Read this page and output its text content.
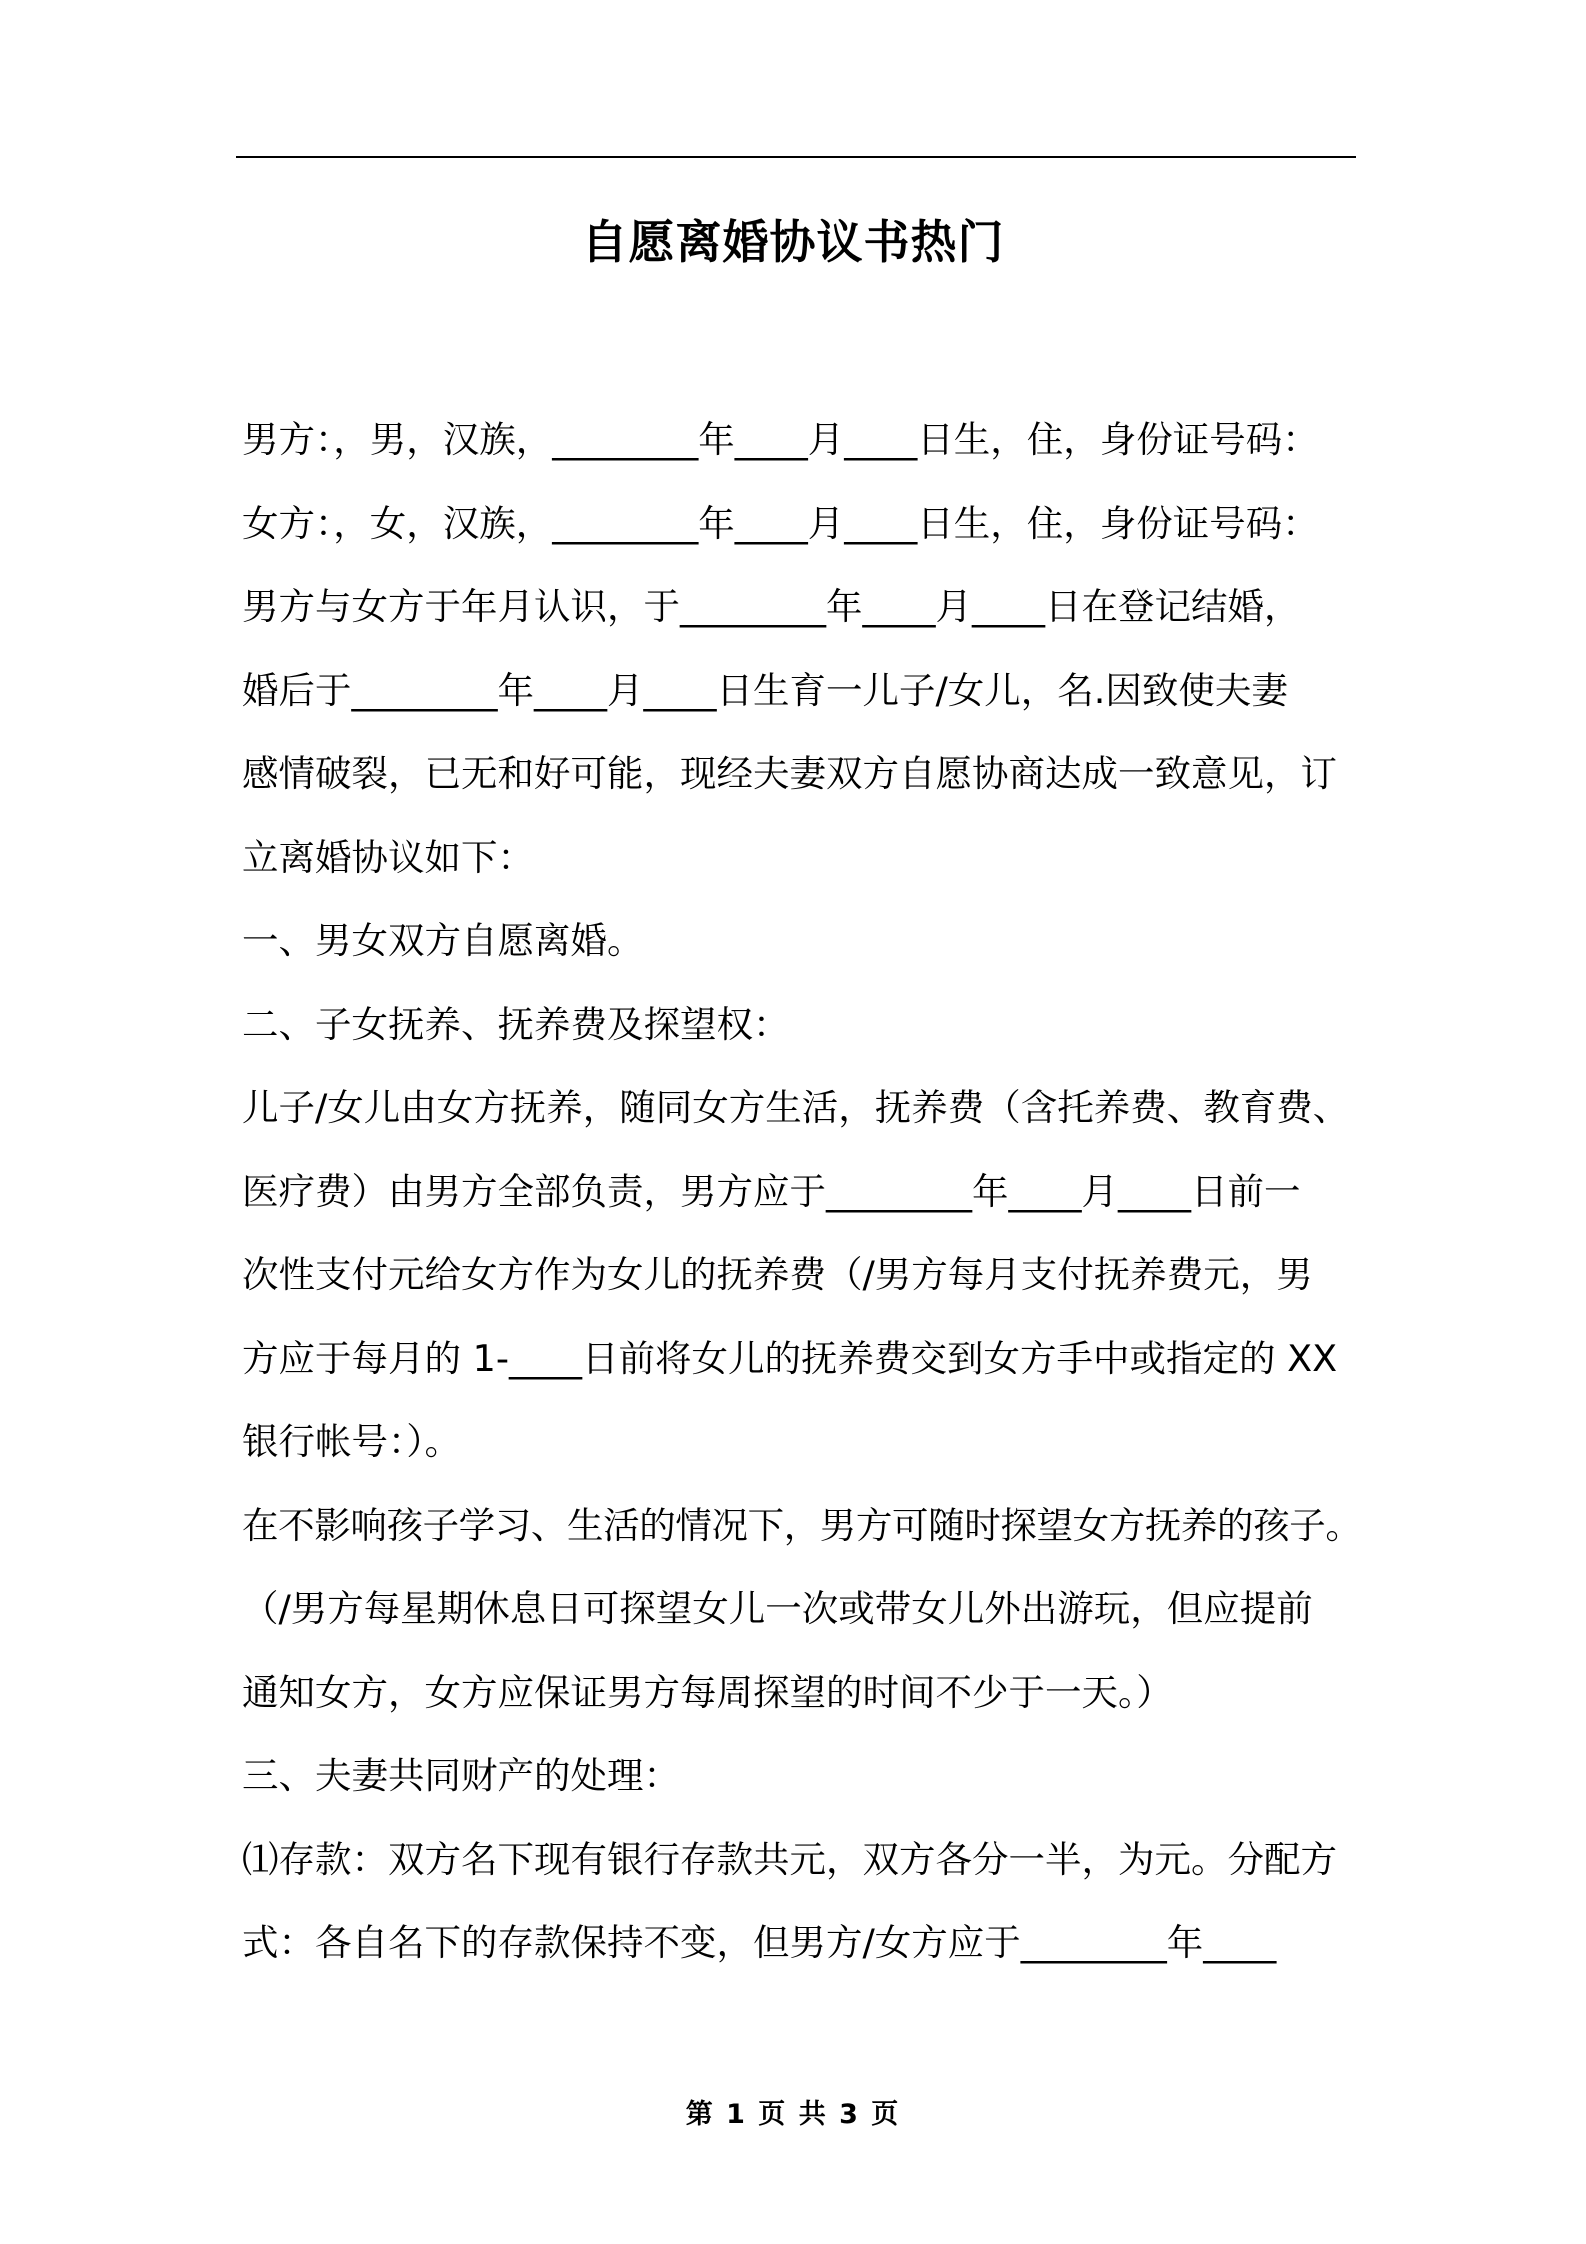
自愿离婚协议书热门
男方：，男，汉族，________年____月____日生，住，身份证号码：
女方：，女，汉族，________年____月____日生，住，身份证号码：
男方与女方于年月认识，于________年____月____日在登记结婚，
婚后于________年____月____日生育一儿子/女儿，名.因致使夫妻
感情破裂，已无和好可能，现经夫妻双方自愿协商达成一致意见，订
立离婚协议如下：
一、男女双方自愿离婚。
二、子女抚养、抚养费及探望权：
儿子/女儿由女方抚养，随同女方生活，抚养费（含托养费、教育费、
医疗费）由男方全部负责，男方应于________年____月____日前一
次性支付元给女方作为女儿的抚养费（/男方每月支付抚养费元，男
方应于每月的 1-____日前将女儿的抚养费交到女方手中或指定的 XX
银行帐号：）。
在不影响孩子学习、生活的情况下，男方可随时探望女方抚养的孩子。
（/男方每星期休息日可探望女儿一次或带女儿外出游玩，但应提前
通知女方，女方应保证男方每周探望的时间不少于一天。）
三、夫妻共同财产的处理：
⑴存款：双方名下现有银行存款共元，双方各分一半，为元。分配方
式：各自名下的存款保持不变，但男方/女方应于________年____
第 1 页 共 3 页
